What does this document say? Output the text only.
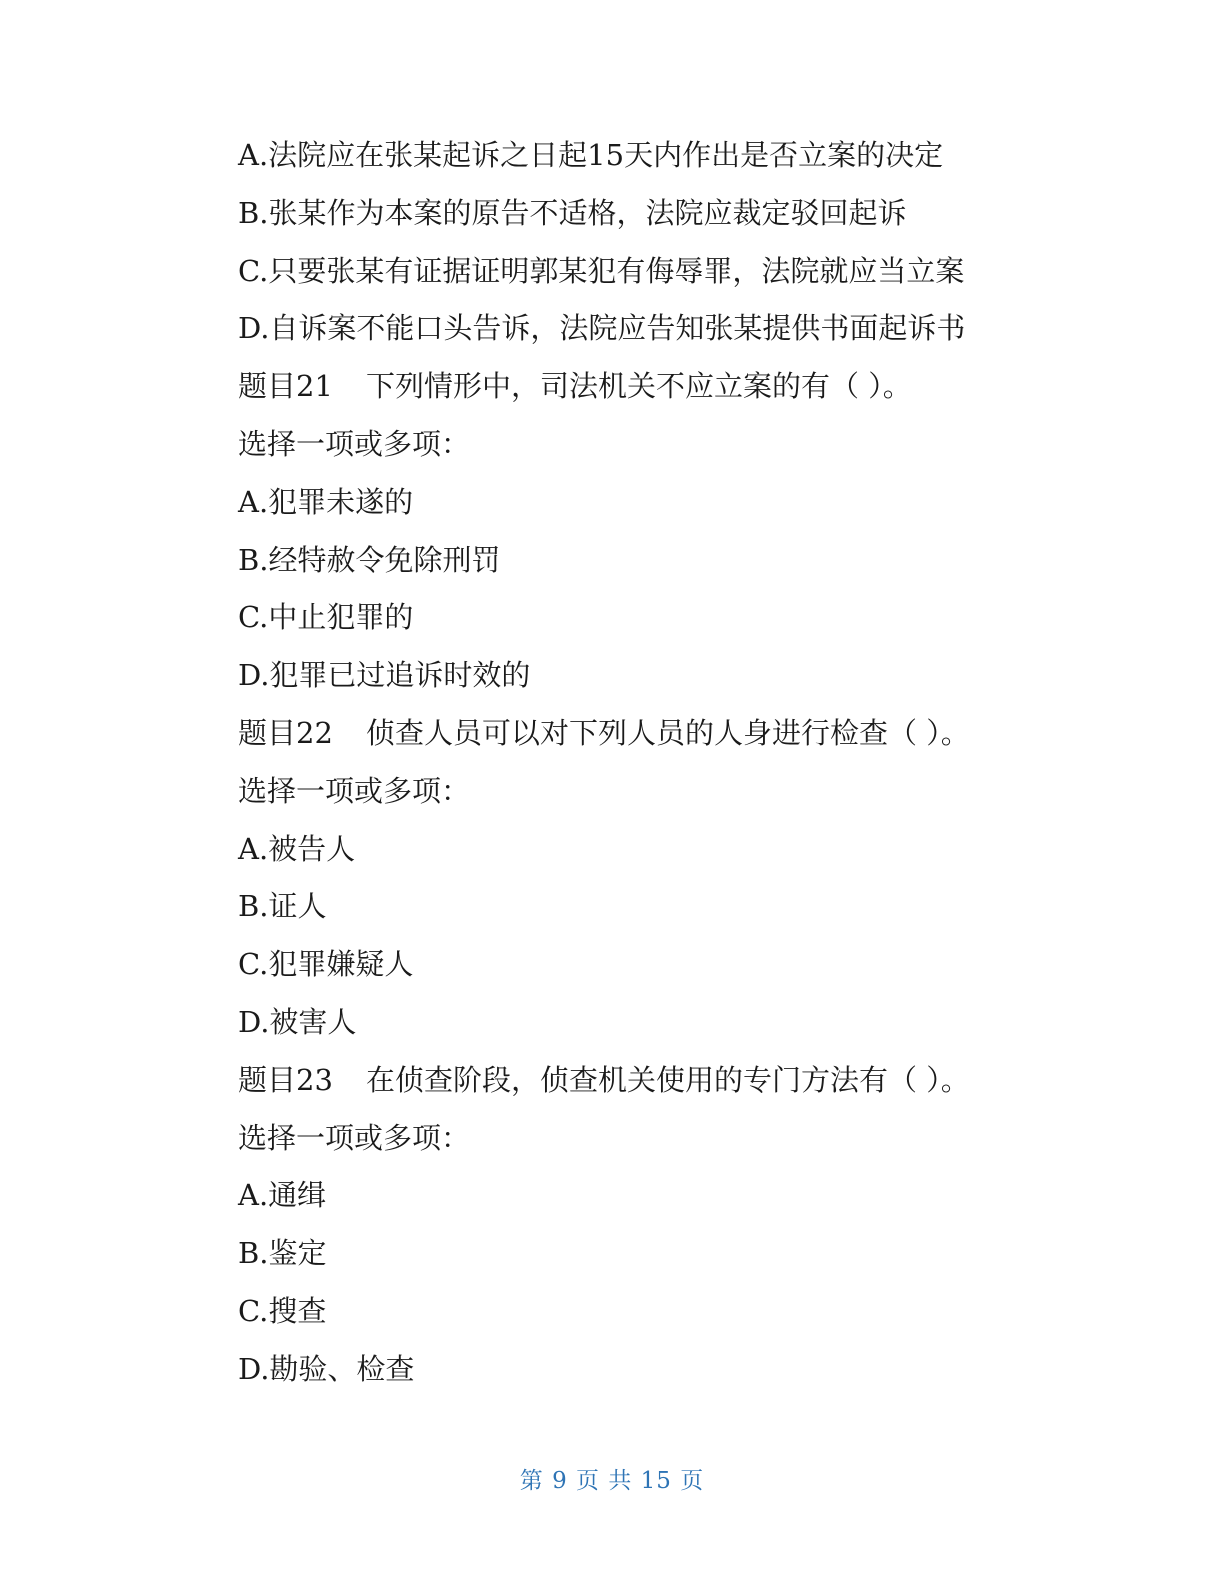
A.法院应在张某起诉之日起15天内作出是否立案的决定
B.张某作为本案的原告不适格，法院应裁定驳回起诉
C.只要张某有证据证明郭某犯有侮辱罪，法院就应当立案
D.自诉案不能口头告诉，法院应告知张某提供书面起诉书
题目21 下列情形中，司法机关不应立案的有（ ）。
选择一项或多项：
A.犯罪未遂的
B.经特赦令免除刑罚
C.中止犯罪的
D.犯罪已过追诉时效的
题目22 侦查人员可以对下列人员的人身进行检查（ ）。
选择一项或多项：
A.被告人
B.证人
C.犯罪嫌疑人
D.被害人
题目23 在侦查阶段，侦查机关使用的专门方法有（ ）。
选择一项或多项：
A.通缉
B.鉴定
C.搜查
D.勘验、检查
第 9 页 共 15 页
